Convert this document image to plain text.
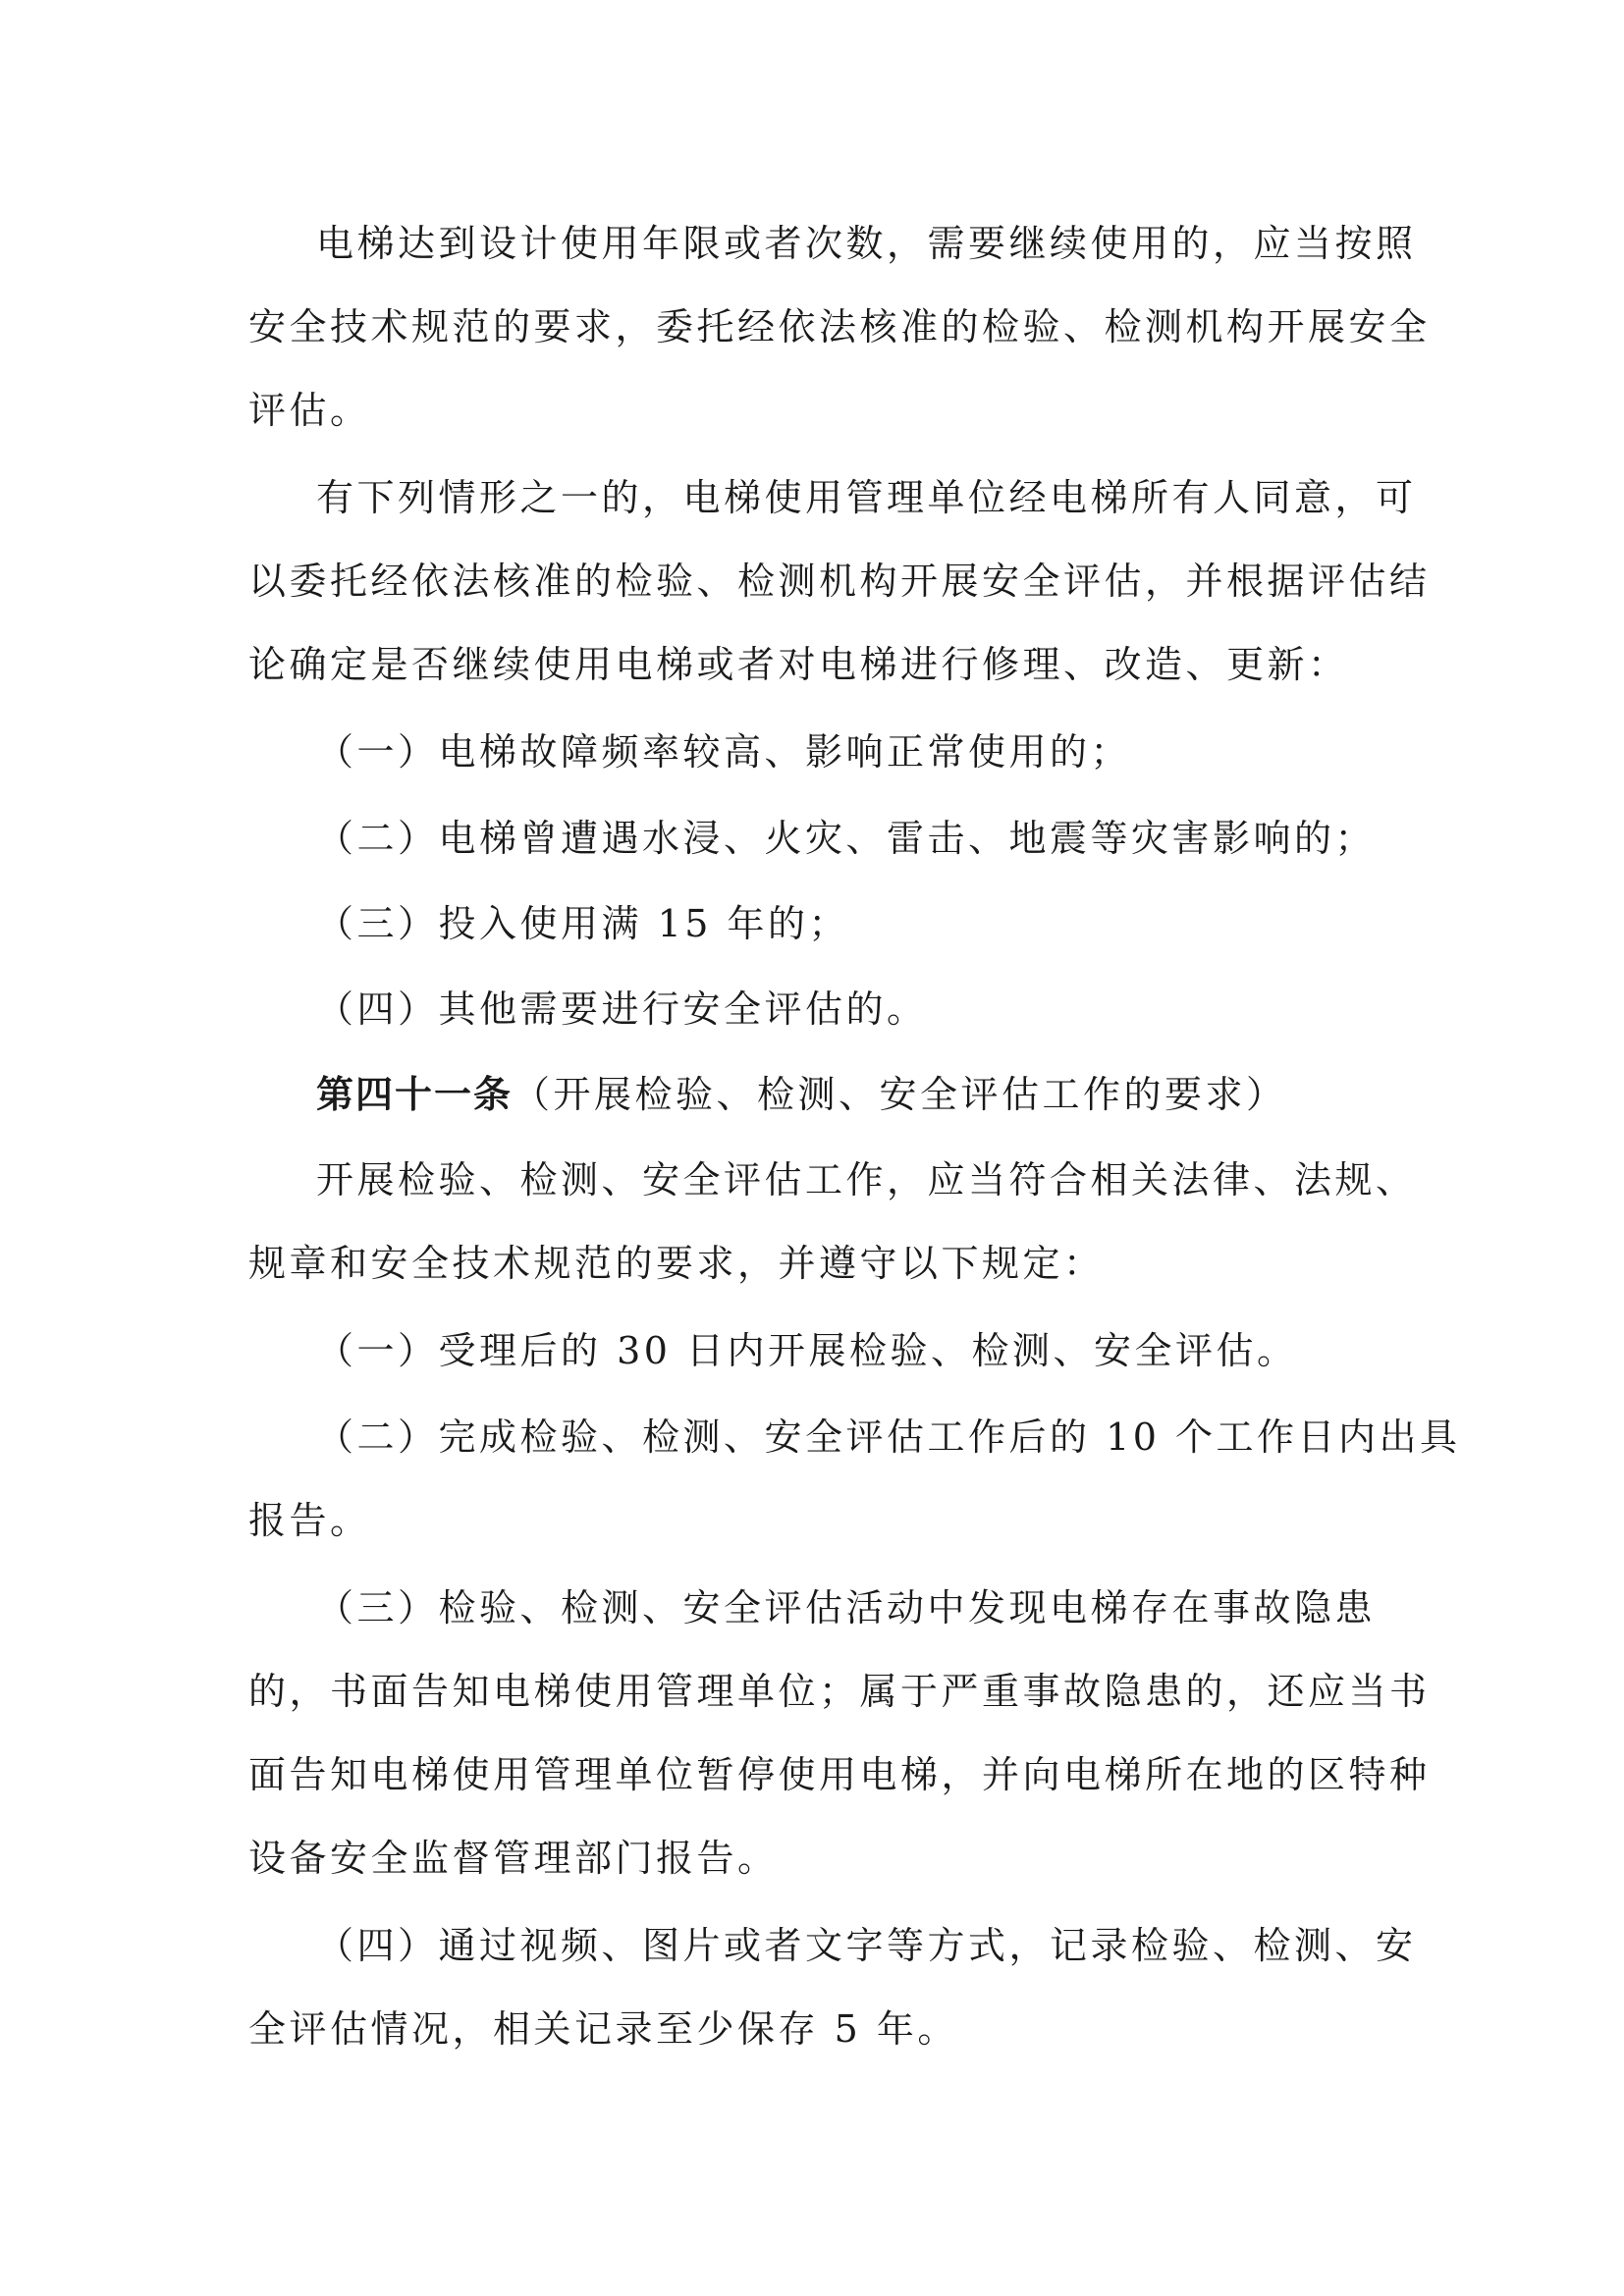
电梯达到设计使用年限或者次数，需要继续使用的，应当按照
安全技术规范的要求，委托经依法核准的检验、检测机构开展安全
评估。
有下列情形之一的，电梯使用管理单位经电梯所有人同意，可
以委托经依法核准的检验、检测机构开展安全评估，并根据评估结
论确定是否继续使用电梯或者对电梯进行修理、改造、更新：
（一）电梯故障频率较高、影响正常使用的；
（二）电梯曾遭遇水浸、火灾、雷击、地震等灾害影响的；
（三）投入使用满 15 年的；
（四）其他需要进行安全评估的。
第四十一条（开展检验、检测、安全评估工作的要求）
开展检验、检测、安全评估工作，应当符合相关法律、法规、
规章和安全技术规范的要求，并遵守以下规定：
（一）受理后的 30 日内开展检验、检测、安全评估。
（二）完成检验、检测、安全评估工作后的 10 个工作日内出具
报告。
（三）检验、检测、安全评估活动中发现电梯存在事故隐患
的，书面告知电梯使用管理单位；属于严重事故隐患的，还应当书
面告知电梯使用管理单位暂停使用电梯，并向电梯所在地的区特种
设备安全监督管理部门报告。
（四）通过视频、图片或者文字等方式，记录检验、检测、安
全评估情况，相关记录至少保存 5 年。
